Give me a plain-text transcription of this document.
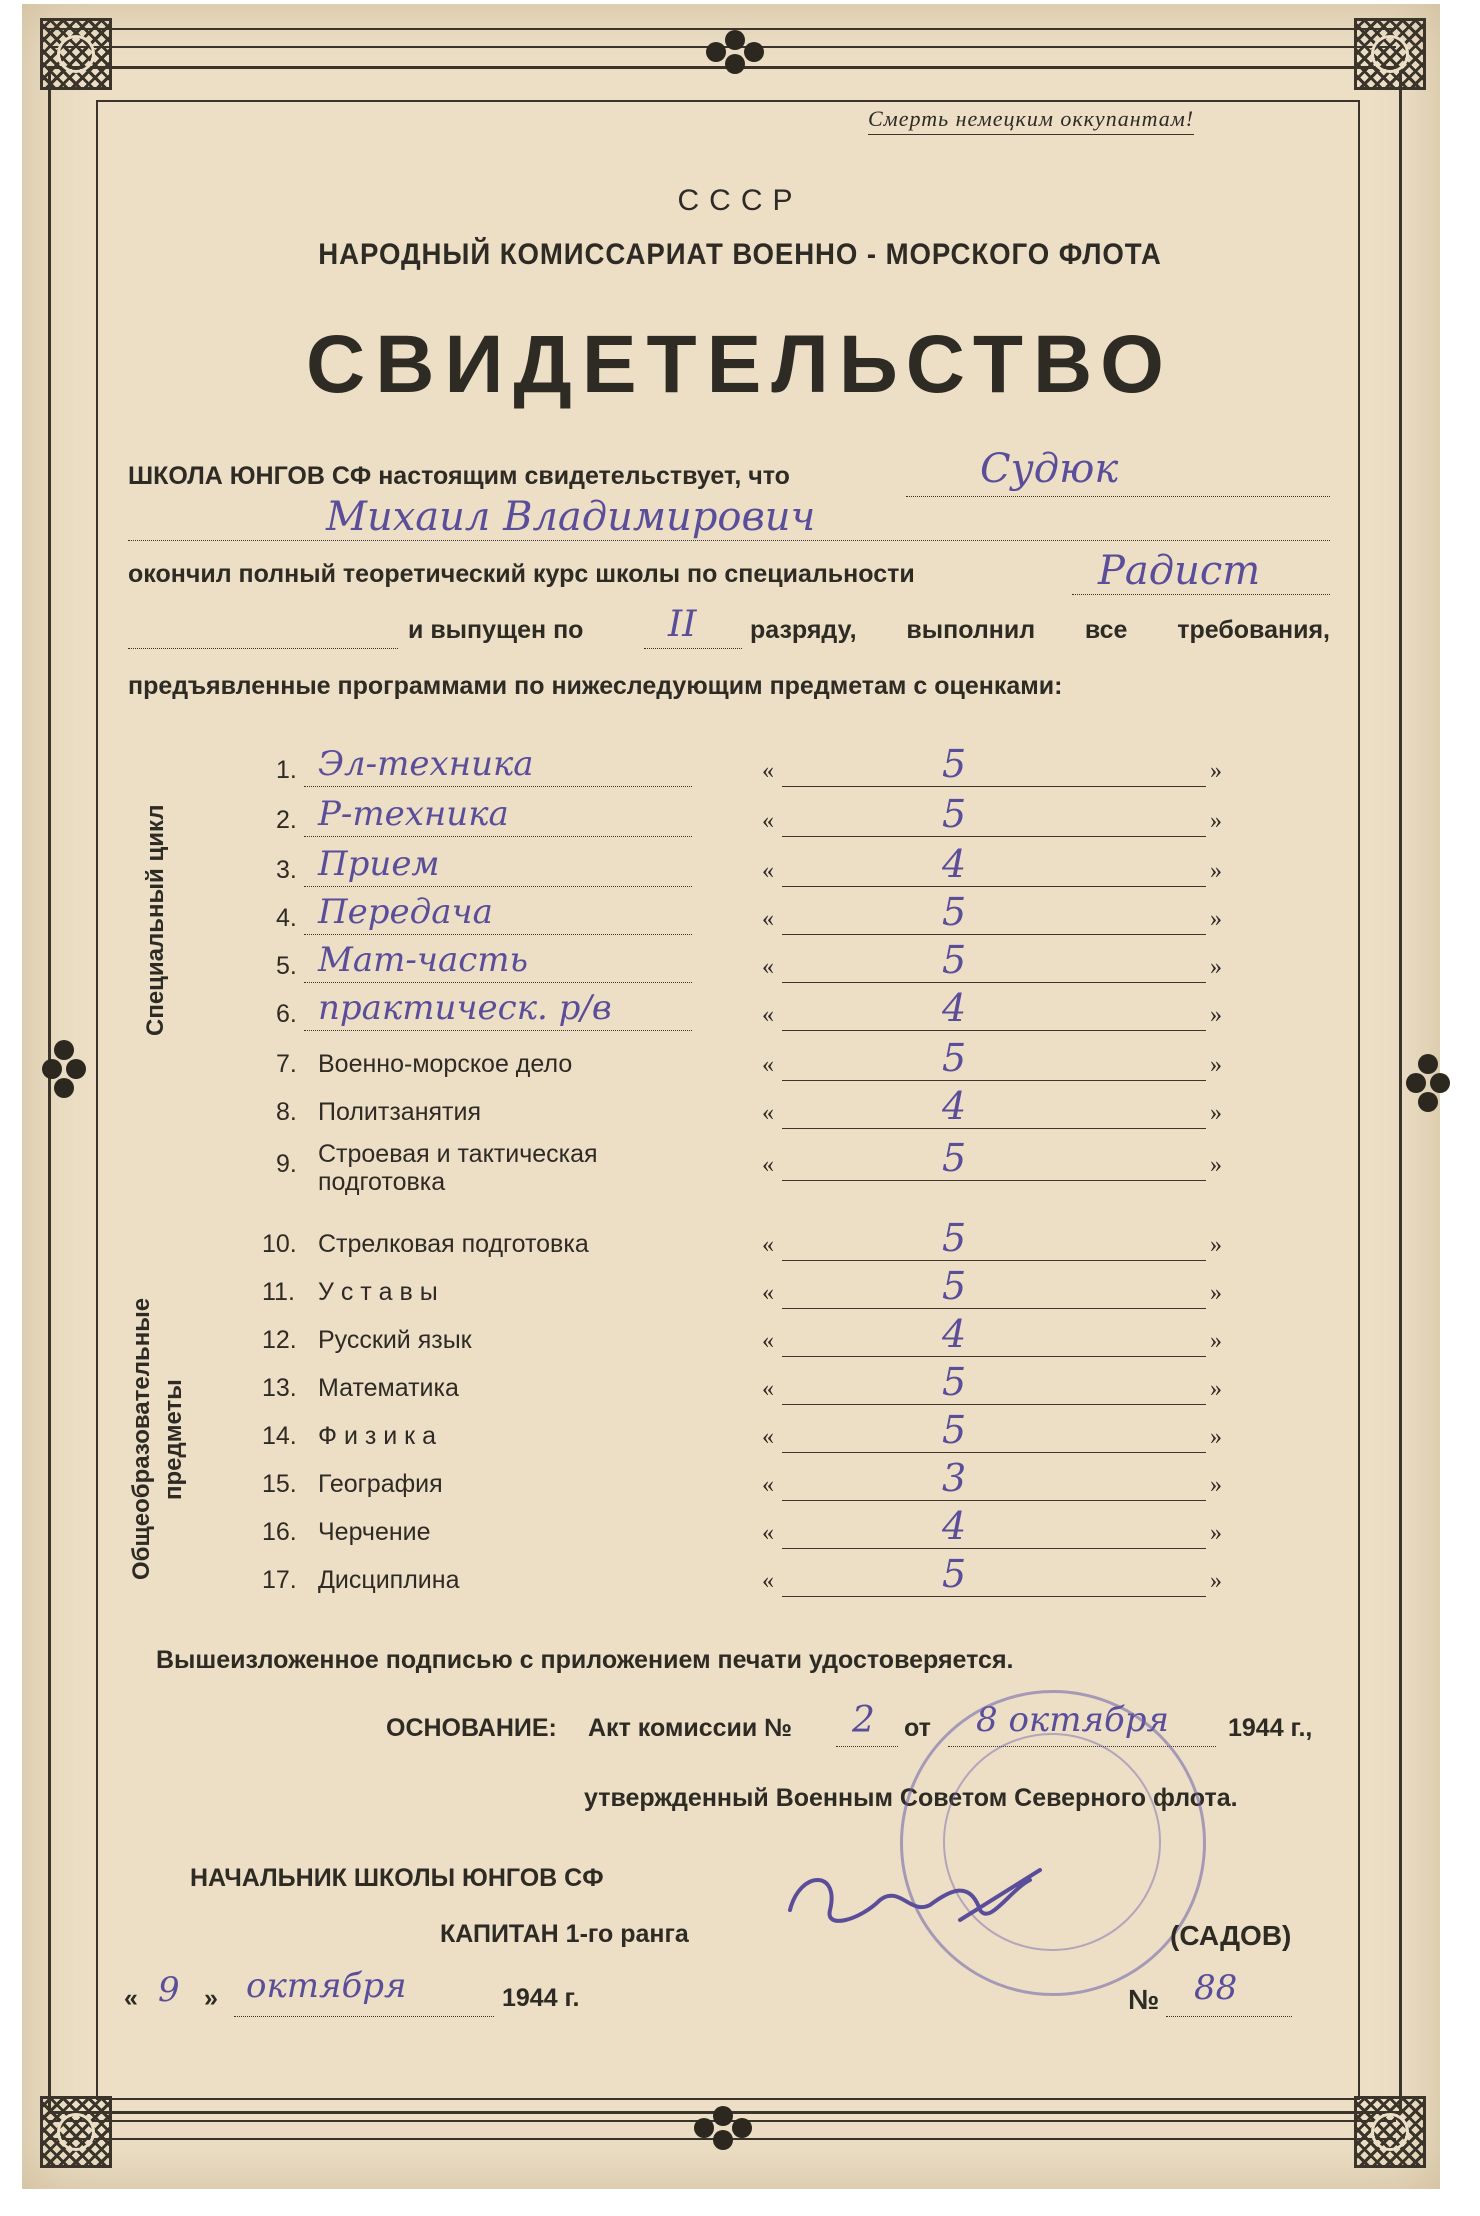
Смерть немецким оккупантам!
СССР
НАРОДНЫЙ КОМИССАРИАТ ВОЕННО - МОРСКОГО ФЛОТА
СВИДЕТЕЛЬСТВО
ШКОЛА ЮНГОВ СФ настоящим свидетельствует, что	Судюк
Михаил Владимирович
окончил полный теоретический курс школы по специальности	Радист
и выпущен по II разряду, выполнил все требования,
предъявленные программами по нижеследующим предметам с оценками:
Специальный цикл
Общеобразовательные предметы
1. Эл-техника	«	5	»
2. Р-техника	«	5	»
3. Прием	«	4	»
4. Передача	«	5	»
5. Мат-часть	«	5	»
6. практическ. р/в	«	4	»
7. Военно-морское дело	«	5	»
8. Политзанятия	«	4	»
9. Строевая и тактическая
подготовка
«	5	»
10. Стрелковая подготовка	«	5	»
11. У с т а в ы	«	5	»
12. Русский язык	«	4	»
13. Математика	«	5	»
14. Ф и з и к а	«	5	»
15. География	«	3	»
16. Черчение	«	4	»
17. Дисциплина	«	5	»
Вышеизложенное подписью с приложением печати удостоверяется.
ОСНОВАНИЕ: Акт комиссии № 2 от 8 октября 1944 г.,
утвержденный Военным Советом Северного флота.
НАЧАЛЬНИК ШКОЛЫ ЮНГОВ СФ
КАПИТАН 1-го ранга	(САДОВ)
« 9 » октября	1944 г.	№ 88
